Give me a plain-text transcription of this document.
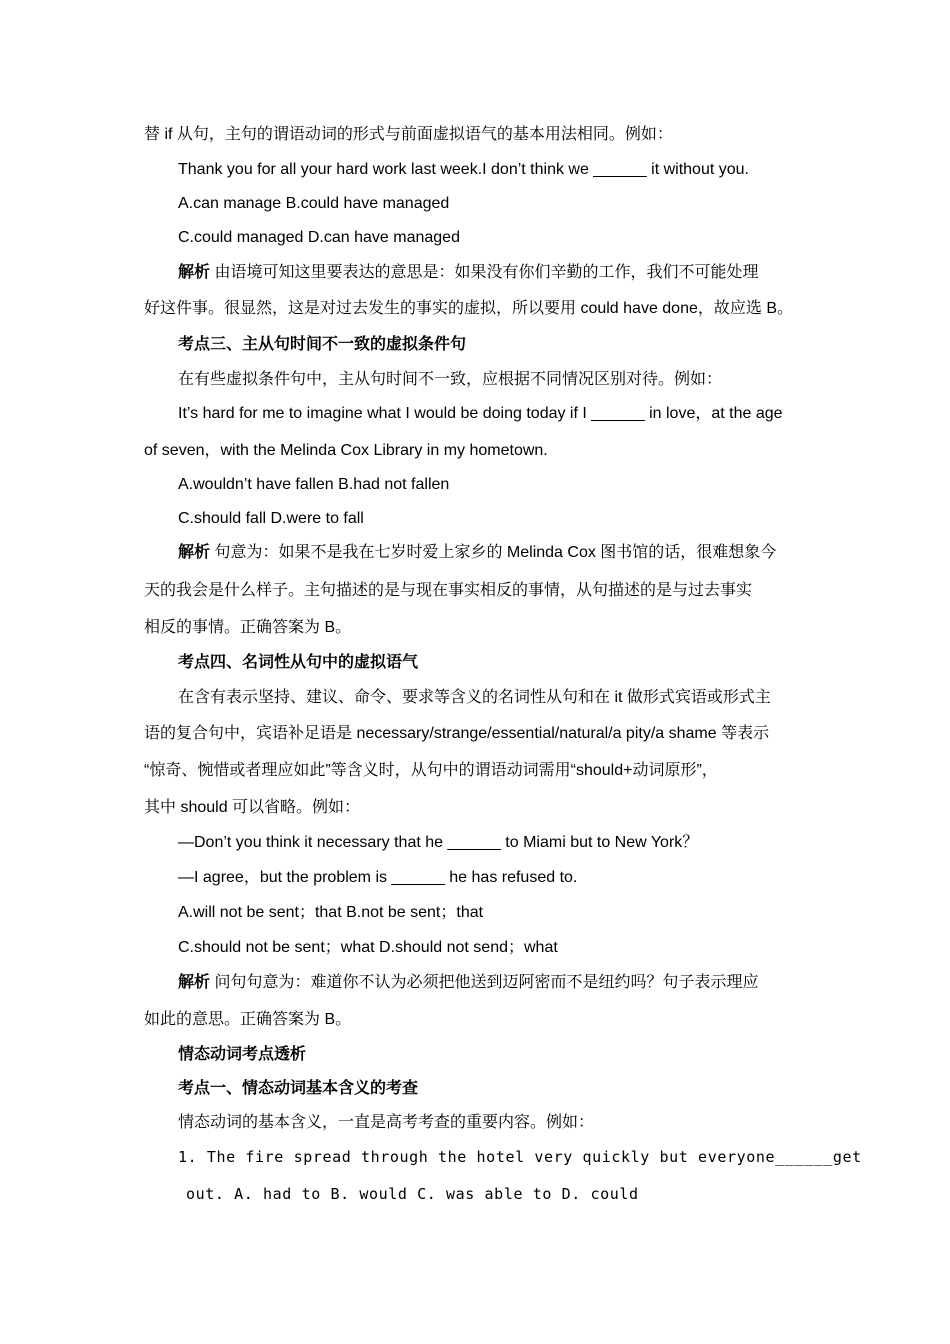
替 if 从句，主句的谓语动词的形式与前面虚拟语气的基本用法相同。例如：

Thank you for all your hard work last week.I don’t think we ______ it without you.

A.can manage B.could have managed

C.could managed D.can have managed

解析 由语境可知这里要表达的意思是：如果没有你们辛勤的工作，我们不可能处理

好这件事。很显然，这是对过去发生的事实的虚拟，所以要用 could have done，故应选 B。

考点三、主从句时间不一致的虚拟条件句

在有些虚拟条件句中，主从句时间不一致，应根据不同情况区别对待。例如：

It’s hard for me to imagine what I would be doing today if I ______ in love，at the age

of seven，with the Melinda Cox Library in my hometown.

A.wouldn’t have fallen B.had not fallen

C.should fall D.were to fall

解析 句意为：如果不是我在七岁时爱上家乡的 Melinda Cox 图书馆的话，很难想象今

天的我会是什么样子。主句描述的是与现在事实相反的事情，从句描述的是与过去事实

相反的事情。正确答案为 B。

考点四、名词性从句中的虚拟语气

在含有表示坚持、建议、命令、要求等含义的名词性从句和在 it 做形式宾语或形式主

语的复合句中，宾语补足语是 necessary/strange/essential/natural/a pity/a shame 等表示

“惊奇、惋惜或者理应如此”等含义时，从句中的谓语动词需用“should+动词原形”，

其中 should 可以省略。例如：

—Don’t you think it necessary that he ______ to Miami but to New York？

—I agree，but the problem is ______ he has refused to.

A.will not be sent；that B.not be sent；that

C.should not be sent；what D.should not send；what

解析 问句句意为：难道你不认为必须把他送到迈阿密而不是纽约吗？句子表示理应

如此的意思。正确答案为 B。

情态动词考点透析

考点一、情态动词基本含义的考查

情态动词的基本含义，一直是高考考查的重要内容。例如：

1. The fire spread through the hotel very quickly but everyone______get

out. A. had to B. would C. was able to D. could
